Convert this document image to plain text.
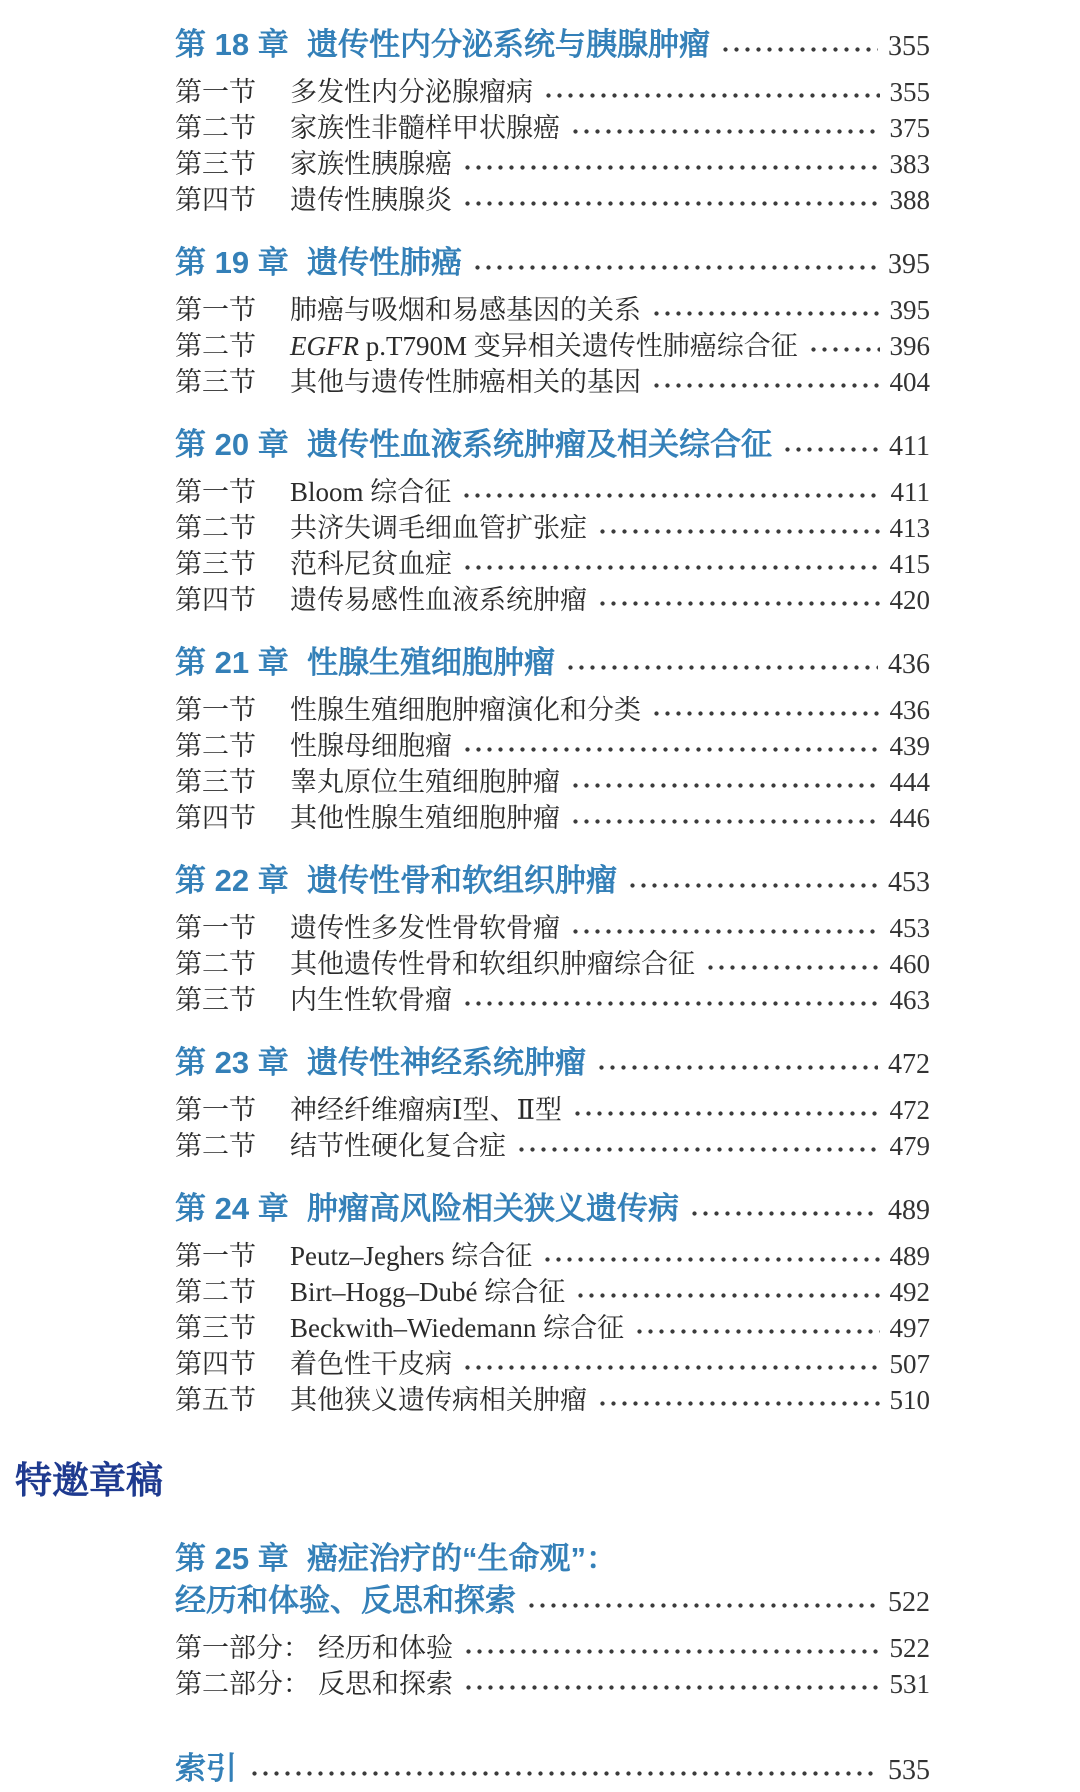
第 18 章 遗传性内分泌系统与胰腺肿瘤	355
第一节	多发性内分泌腺瘤病	355
第二节	家族性非髓样甲状腺癌	375
第三节	家族性胰腺癌	383
第四节	遗传性胰腺炎	388
第 19 章 遗传性肺癌	395
第一节	肺癌与吸烟和易感基因的关系	395
第二节	EGFR p.T790M 变异相关遗传性肺癌综合征	396
第三节	其他与遗传性肺癌相关的基因	404
第 20 章 遗传性血液系统肿瘤及相关综合征	411
第一节	Bloom 综合征	411
第二节	共济失调毛细血管扩张症	413
第三节	范科尼贫血症	415
第四节	遗传易感性血液系统肿瘤	420
第 21 章 性腺生殖细胞肿瘤	436
第一节	性腺生殖细胞肿瘤演化和分类	436
第二节	性腺母细胞瘤	439
第三节	睾丸原位生殖细胞肿瘤	444
第四节	其他性腺生殖细胞肿瘤	446
第 22 章 遗传性骨和软组织肿瘤	453
第一节	遗传性多发性骨软骨瘤	453
第二节	其他遗传性骨和软组织肿瘤综合征	460
第三节	内生性软骨瘤	463
第 23 章 遗传性神经系统肿瘤	472
第一节	神经纤维瘤病Ⅰ型、Ⅱ型	472
第二节	结节性硬化复合症	479
第 24 章 肿瘤高风险相关狭义遗传病	489
第一节	Peutz–Jeghers 综合征	489
第二节	Birt–Hogg–Dubé 综合征	492
第三节	Beckwith–Wiedemann 综合征	497
第四节	着色性干皮病	507
第五节	其他狭义遗传病相关肿瘤	510
特邀章稿
第 25 章 癌症治疗的“生命观”：
经历和体验、反思和探索	522
第一部分： 经历和体验	522
第二部分： 反思和探索	531
索引	535
